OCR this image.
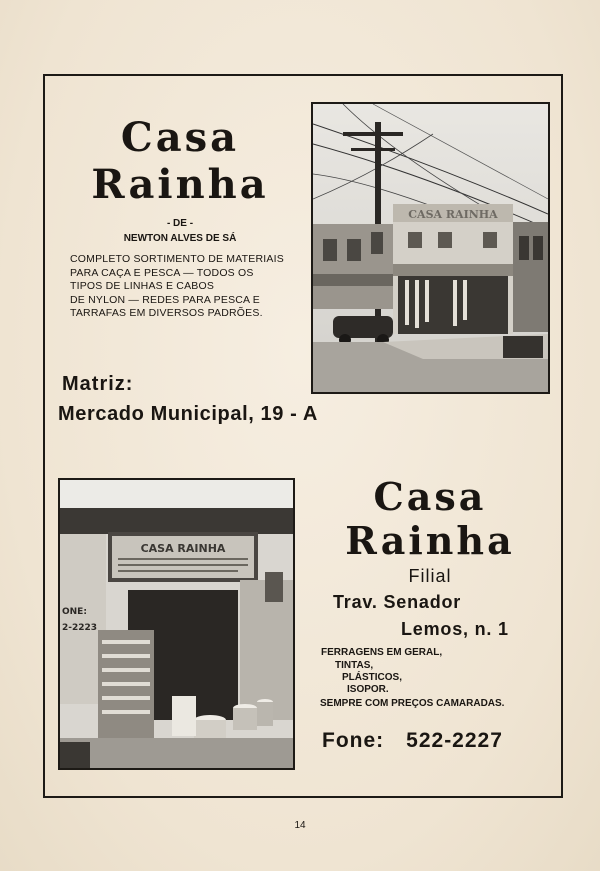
Casa
Rainha
- DE -
NEWTON ALVES DE SÁ
COMPLETO SORTIMENTO DE MATERIAIS
PARA CAÇA E PESCA — TODOS OS
TIPOS DE LINHAS E CABOS
DE NYLON — REDES PARA PESCA E
TARRAFAS EM DIVERSOS PADRÕES.
Matriz:
Mercado Municipal, 19 - A
CASA RAINHA
CASA RAINHA
ONE:
2-2223
Casa
Rainha
Filial
Trav. Senador
Lemos, n. 1
FERRAGENS EM GERAL,
TINTAS,
PLÁSTICOS,
ISOPOR.
SEMPRE COM PREÇOS CAMARADAS.
Fone: 522-2227
14
